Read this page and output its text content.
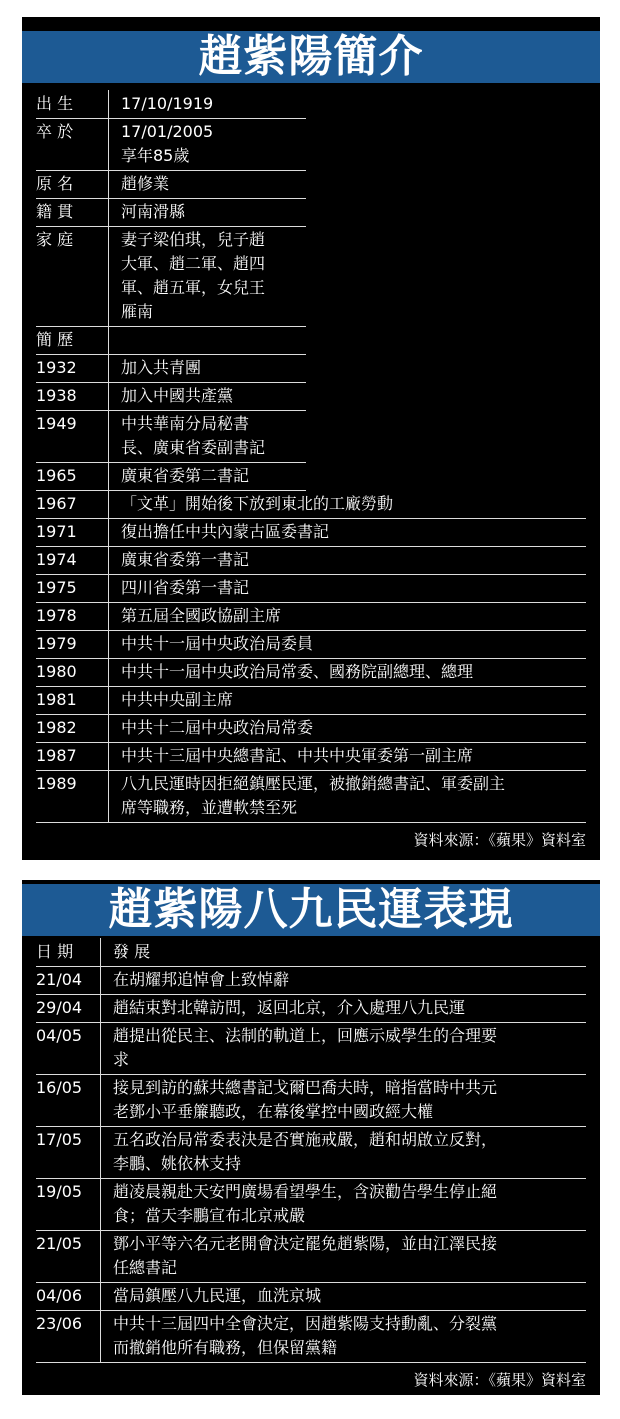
趙紫陽簡介
出 生	17/10/1919
卒 於	17/01/2005
享年85歲
原 名	趙修業
籍 貫	河南滑縣
家 庭	妻子梁伯琪，兒子趙
大軍、趙二軍、趙四
軍、趙五軍，女兒王
雁南
簡 歷
1932	加入共青團
1938	加入中國共產黨
1949	中共華南分局秘書
長、廣東省委副書記
1965	廣東省委第二書記
1967	「文革」開始後下放到東北的工廠勞動
1971	復出擔任中共內蒙古區委書記
1974	廣東省委第一書記
1975	四川省委第一書記
1978	第五屆全國政協副主席
1979	中共十一屆中央政治局委員
1980	中共十一屆中央政治局常委、國務院副總理、總理
1981	中共中央副主席
1982	中共十二屆中央政治局常委
1987	中共十三屆中央總書記、中共中央軍委第一副主席
1989	八九民運時因拒絕鎮壓民運，被撤銷總書記、軍委副主
席等職務，並遭軟禁至死
資料來源：《蘋果》資料室
趙紫陽八九民運表現
日 期	發 展
21/04	在胡耀邦追悼會上致悼辭
29/04	趙結束對北韓訪問，返回北京，介入處理八九民運
04/05	趙提出從民主、法制的軌道上，回應示威學生的合理要
求
16/05	接見到訪的蘇共總書記戈爾巴喬夫時，暗指當時中共元
老鄧小平垂簾聽政，在幕後掌控中國政經大權
17/05	五名政治局常委表決是否實施戒嚴，趙和胡啟立反對，
李鵬、姚依林支持
19/05	趙凌晨親赴天安門廣場看望學生，含淚勸告學生停止絕
食；當天李鵬宣布北京戒嚴
21/05	鄧小平等六名元老開會決定罷免趙紫陽，並由江澤民接
任總書記
04/06	當局鎮壓八九民運，血洗京城
23/06	中共十三屆四中全會決定，因趙紫陽支持動亂、分裂黨
而撤銷他所有職務，但保留黨籍
資料來源：《蘋果》資料室
